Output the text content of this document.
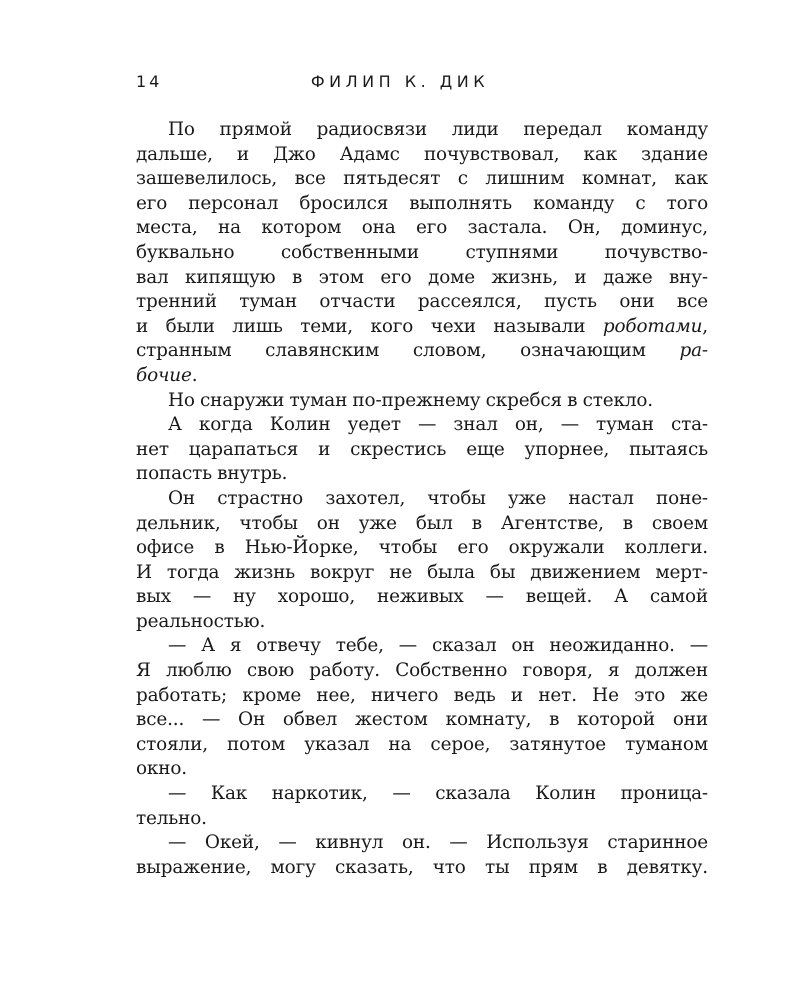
14	ФИЛИП К. ДИК
По прямой радиосвязи лиди передал команду
дальше, и Джо Адамс почувствовал, как здание
зашевелилось, все пятьдесят с лишним комнат, как
его персонал бросился выполнять команду с того
места, на котором она его застала. Он, доминус,
буквально собственными ступнями почувство-
вал кипящую в этом его доме жизнь, и даже вну-
тренний туман отчасти рассеялся, пусть они все
и были лишь теми, кого чехи называли роботами,
странным славянским словом, означающим ра-
бочие.
Но снаружи туман по-прежнему скребся в стекло.
А когда Колин уедет — знал он, — туман ста-
нет царапаться и скрестись еще упорнее, пытаясь
попасть внутрь.
Он страстно захотел, чтобы уже настал поне-
дельник, чтобы он уже был в Агентстве, в своем
офисе в Нью-Йорке, чтобы его окружали коллеги.
И тогда жизнь вокруг не была бы движением мерт-
вых — ну хорошо, неживых — вещей. А самой
реальностью.
— А я отвечу тебе, — сказал он неожиданно. —
Я люблю свою работу. Собственно говоря, я должен
работать; кроме нее, ничего ведь и нет. Не это же
все... — Он обвел жестом комнату, в которой они
стояли, потом указал на серое, затянутое туманом
окно.
— Как наркотик, — сказала Колин проница-
тельно.
— Окей, — кивнул он. — Используя старинное
выражение, могу сказать, что ты прям в девятку.
